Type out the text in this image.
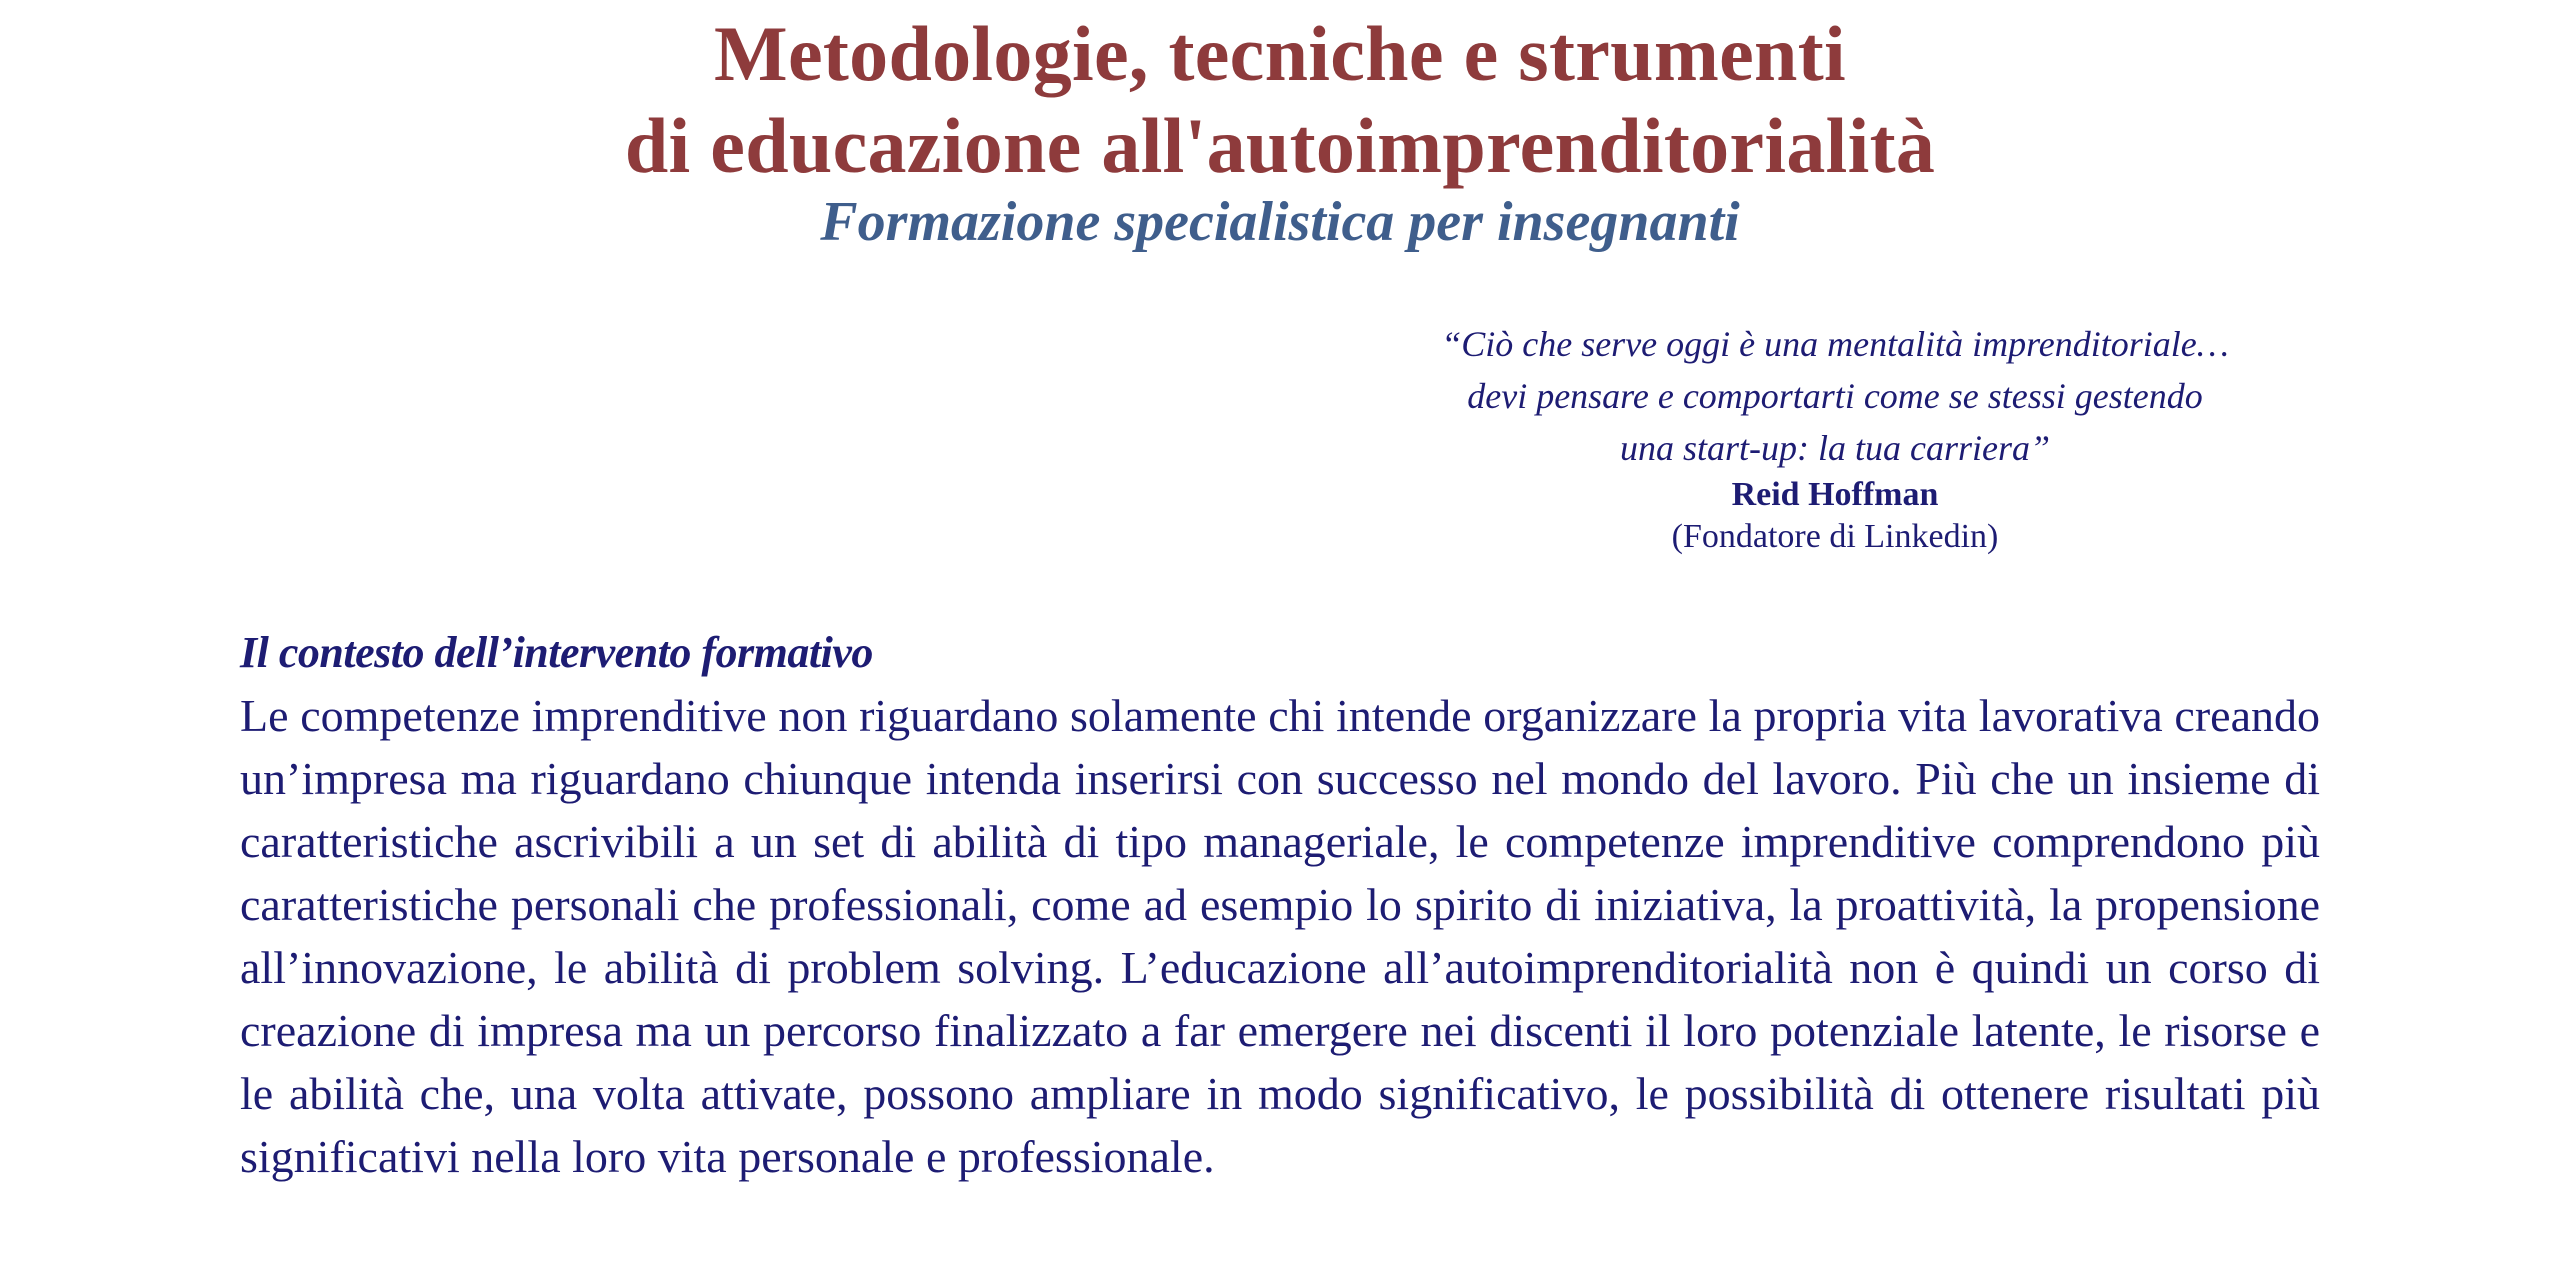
Metodologie, tecniche e strumenti
di educazione all'autoimprenditorialità
Formazione specialistica per insegnanti
“Ciò che serve oggi è una mentalità imprenditoriale…
devi pensare e comportarti come se stessi gestendo
una start-up: la tua carriera”
Reid Hoffman
(Fondatore di Linkedin)

Il contesto dell’intervento formativo

Le competenze imprenditive non riguardano solamente chi intende organizzare la propria vita lavorativa creando un’impresa ma riguardano chiunque intenda inserirsi con successo nel mondo del lavoro. Più che un insieme di caratteristiche ascrivibili a un set di abilità di tipo manageriale, le competenze imprenditive comprendono più caratteristiche personali che professionali, come ad esempio lo spirito di iniziativa, la proattività, la propensione all’innovazione, le abilità di problem solving. L’educazione all’autoimprenditorialità non è quindi un corso di creazione di impresa ma un percorso finalizzato a far emergere nei discenti il loro potenziale latente, le risorse e le abilità che, una volta attivate, possono ampliare in modo significativo, le possibilità di ottenere risultati più significativi nella loro vita personale e professionale.
